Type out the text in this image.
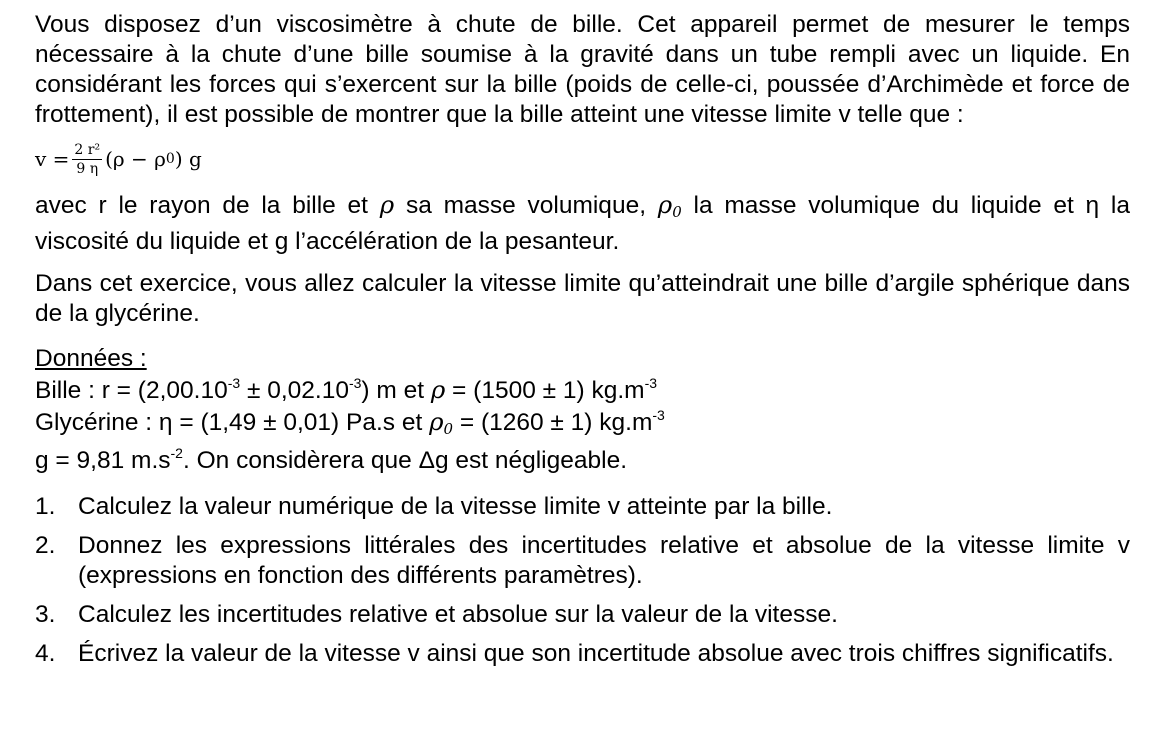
Vous disposez d’un viscosimètre à chute de bille. Cet appareil permet de mesurer le temps nécessaire à la chute d’une bille soumise à la gravité dans un tube rempli avec un liquide. En considérant les forces qui s’exercent sur la bille (poids de celle-ci, poussée d’Archimède et force de frottement), il est possible de montrer que la bille atteint une vitesse limite v telle que :

$v = \frac{\text{2 r²}}{9 \eta} (\rho - \rho$ 0 ) g

avec r le rayon de la bille et ρ sa masse volumique, ρ0 la masse volumique du liquide et η la viscosité du liquide et g l’accélération de la pesanteur.

Dans cet exercice, vous allez calculer la vitesse limite qu’atteindrait une bille d’argile sphérique dans de la glycérine.

Données :
Bille : $r = (2,00.10^{-3} \pm 0,02.10^{-3})$ m et ρ = (1500 ± 1) $kg.m^{-3}$
Glycérine : η = (1,49 ± 0,01) Pa.s et ρ0 = (1260 ± 1) $kg.m^{-3}$
g = 9,81 $m.s^{-2}$. On considèrera que Δg est négligeable.
1. Calculez la valeur numérique de la vitesse limite v atteinte par la bille.
2. Donnez les expressions littérales des incertitudes relative et absolue de la vitesse limite v (expressions en fonction des différents paramètres).
3. Calculez les incertitudes relative et absolue sur la valeur de la vitesse.
4. Écrivez la valeur de la vitesse v ainsi que son incertitude absolue avec trois chiffres significatifs.
